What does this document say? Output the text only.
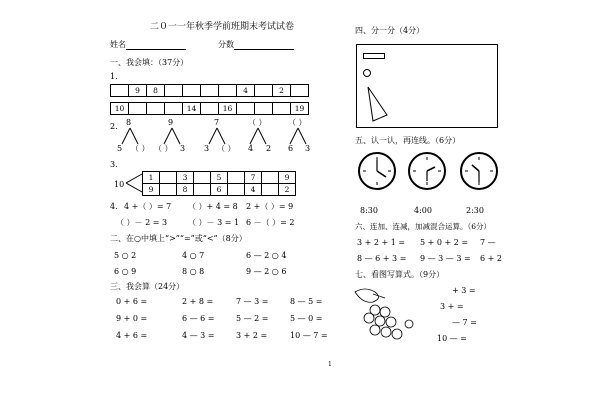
二０一一年秋季学前班期末考试试卷
姓名	分数
一、我会填：（37分）
1.
	9	8					4		2	
10				14		16				19
2. 8
5 （ ）
9
（ ） 3
7
3 （ ）
（ ）
4 2
（ ）
6 3
3.
10
1		3		5		7		9
9		8		6		4		2
4. 4 +（ ）= 7 （ ）+ 4 = 8 2 +（ ）= 9
（ ）－ 2 = 3	（ ）－ 3 = 1 6 －（ ）= 2
二、在○中填上“>”“=”或“<”（8分）
5 ○ 2	4 ○ 7	6 — 2 ○ 4
6 ○ 9	8 ○ 8	9 — 2 ○ 6
三、我会算（24分）
0 + 6 =	2 + 8 =	7 — 3 =	8 — 5 =
9 + 0 =	6 — 6 =	5 — 2 =	5 — 0 =
4 + 6 =	4 — 3 =	3 + 2 =	10 — 7 =
四、分一分（4分）
五、认一认，再连线。（6分）
8:30	4:00	2:30
六、连加、连减，加减混合运算。（6分）
3 + 2 + 1 = 5 + 0 + 2 = 7 —
8 — 6 + 3 = 9 — 3 — 3 = 6 + 2
七、看图写算式。（9分）
+ 3 =
3 + =
— 7 =
10 — =
1
